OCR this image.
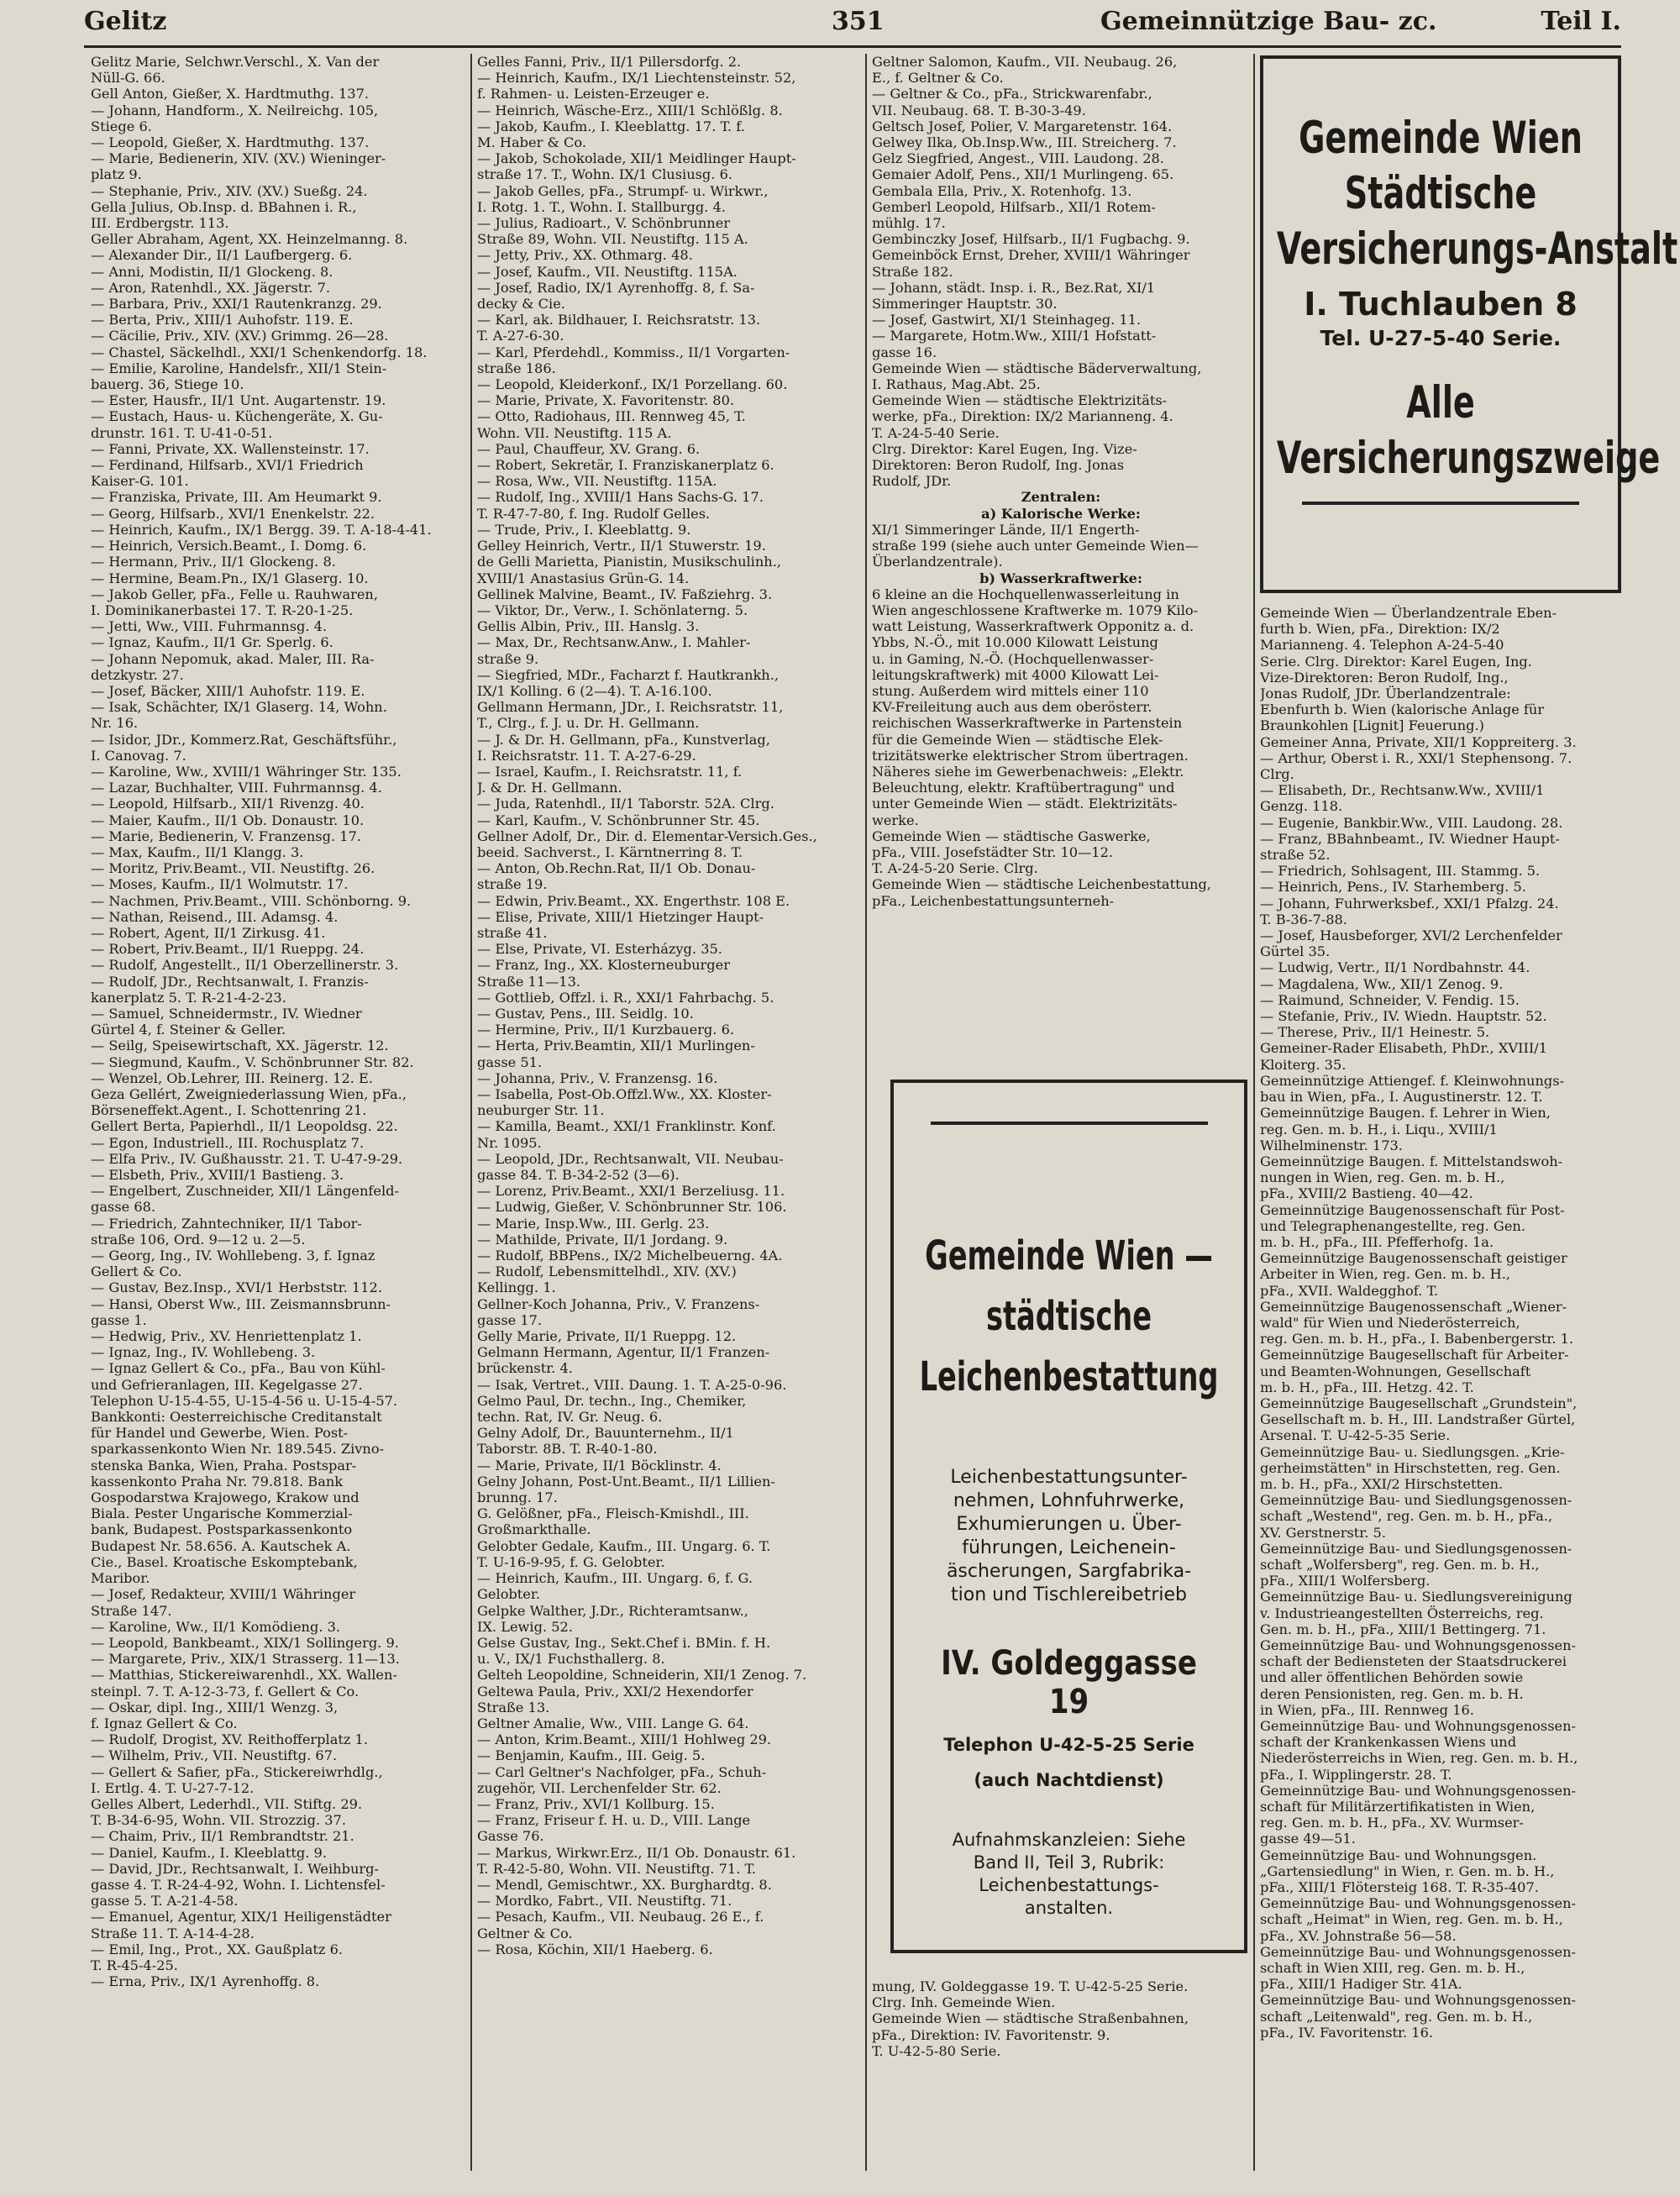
Gelitz	351	Gemeinnützige Bau- zc.	Teil I.
Gelitz Marie, Selchwr.Verschl., X. Van der
Nüll-G. 66.
Gell Anton, Gießer, X. Hardtmuthg. 137.
— Johann, Handform., X. Neilreichg. 105,
Stiege 6.
— Leopold, Gießer, X. Hardtmuthg. 137.
— Marie, Bedienerin, XIV. (XV.) Wieninger-
platz 9.
— Stephanie, Priv., XIV. (XV.) Sueßg. 24.
Gella Julius, Ob.Insp. d. BBahnen i. R.,
III. Erdbergstr. 113.
Geller Abraham, Agent, XX. Heinzelmanng. 8.
— Alexander Dir., II/1 Laufbergerg. 6.
— Anni, Modistin, II/1 Glockeng. 8.
— Aron, Ratenhdl., XX. Jägerstr. 7.
— Barbara, Priv., XXI/1 Rautenkranzg. 29.
— Berta, Priv., XIII/1 Auhofstr. 119. E.
— Cäcilie, Priv., XIV. (XV.) Grimmg. 26—28.
— Chastel, Säckelhdl., XXI/1 Schenkendorfg. 18.
— Emilie, Karoline, Handelsfr., XII/1 Stein-
bauerg. 36, Stiege 10.
— Ester, Hausfr., II/1 Unt. Augartenstr. 19.
— Eustach, Haus- u. Küchengeräte, X. Gu-
drunstr. 161. T. U-41-0-51.
— Fanni, Private, XX. Wallensteinstr. 17.
— Ferdinand, Hilfsarb., XVI/1 Friedrich
Kaiser-G. 101.
— Franziska, Private, III. Am Heumarkt 9.
— Georg, Hilfsarb., XVI/1 Enenkelstr. 22.
— Heinrich, Kaufm., IX/1 Bergg. 39. T. A-18-4-41.
— Heinrich, Versich.Beamt., I. Domg. 6.
— Hermann, Priv., II/1 Glockeng. 8.
— Hermine, Beam.Pn., IX/1 Glaserg. 10.
— Jakob Geller, pFa., Felle u. Rauhwaren,
I. Dominikanerbastei 17. T. R-20-1-25.
— Jetti, Ww., VIII. Fuhrmannsg. 4.
— Ignaz, Kaufm., II/1 Gr. Sperlg. 6.
— Johann Nepomuk, akad. Maler, III. Ra-
detzkystr. 27.
— Josef, Bäcker, XIII/1 Auhofstr. 119. E.
— Isak, Schächter, IX/1 Glaserg. 14, Wohn.
Nr. 16.
— Isidor, JDr., Kommerz.Rat, Geschäftsführ.,
I. Canovag. 7.
— Karoline, Ww., XVIII/1 Währinger Str. 135.
— Lazar, Buchhalter, VIII. Fuhrmannsg. 4.
— Leopold, Hilfsarb., XII/1 Rivenzg. 40.
— Maier, Kaufm., II/1 Ob. Donaustr. 10.
— Marie, Bedienerin, V. Franzensg. 17.
— Max, Kaufm., II/1 Klangg. 3.
— Moritz, Priv.Beamt., VII. Neustiftg. 26.
— Moses, Kaufm., II/1 Wolmutstr. 17.
— Nachmen, Priv.Beamt., VIII. Schönborng. 9.
— Nathan, Reisend., III. Adamsg. 4.
— Robert, Agent, II/1 Zirkusg. 41.
— Robert, Priv.Beamt., II/1 Rueppg. 24.
— Rudolf, Angestellt., II/1 Oberzellinerstr. 3.
— Rudolf, JDr., Rechtsanwalt, I. Franzis-
kanerplatz 5. T. R-21-4-2-23.
— Samuel, Schneidermstr., IV. Wiedner
Gürtel 4, f. Steiner & Geller.
— Seilg, Speisewirtschaft, XX. Jägerstr. 12.
— Siegmund, Kaufm., V. Schönbrunner Str. 82.
— Wenzel, Ob.Lehrer, III. Reinerg. 12. E.
Geza Gellért, Zweigniederlassung Wien, pFa.,
Börseneffekt.Agent., I. Schottenring 21.
Gellert Berta, Papierhdl., II/1 Leopoldsg. 22.
— Egon, Industriell., III. Rochusplatz 7.
— Elfa Priv., IV. Gußhausstr. 21. T. U-47-9-29.
— Elsbeth, Priv., XVIII/1 Bastieng. 3.
— Engelbert, Zuschneider, XII/1 Längenfeld-
gasse 68.
— Friedrich, Zahntechniker, II/1 Tabor-
straße 106, Ord. 9—12 u. 2—5.
— Georg, Ing., IV. Wohllebeng. 3, f. Ignaz
Gellert & Co.
— Gustav, Bez.Insp., XVI/1 Herbststr. 112.
— Hansi, Oberst Ww., III. Zeismannsbrunn-
gasse 1.
— Hedwig, Priv., XV. Henriettenplatz 1.
— Ignaz, Ing., IV. Wohllebeng. 3.
— Ignaz Gellert & Co., pFa., Bau von Kühl-
und Gefrieranlagen, III. Kegelgasse 27.
Telephon U-15-4-55, U-15-4-56 u. U-15-4-57.
Bankkonti: Oesterreichische Creditanstalt
für Handel und Gewerbe, Wien. Post-
sparkassenkonto Wien Nr. 189.545. Zivno-
stenska Banka, Wien, Praha. Postspar-
kassenkonto Praha Nr. 79.818. Bank
Gospodarstwa Krajowego, Krakow und
Biala. Pester Ungarische Kommerzial-
bank, Budapest. Postsparkassenkonto
Budapest Nr. 58.656. A. Kautschek A.
Cie., Basel. Kroatische Eskomptebank,
Maribor.
— Josef, Redakteur, XVIII/1 Währinger
Straße 147.
— Karoline, Ww., II/1 Komödieng. 3.
— Leopold, Bankbeamt., XIX/1 Sollingerg. 9.
— Margarete, Priv., XIX/1 Strasserg. 11—13.
— Matthias, Stickereiwarenhdl., XX. Wallen-
steinpl. 7. T. A-12-3-73, f. Gellert & Co.
— Oskar, dipl. Ing., XIII/1 Wenzg. 3,
f. Ignaz Gellert & Co.
— Rudolf, Drogist, XV. Reithofferplatz 1.
— Wilhelm, Priv., VII. Neustiftg. 67.
— Gellert & Safier, pFa., Stickereiwrhdlg.,
I. Ertlg. 4. T. U-27-7-12.
Gelles Albert, Lederhdl., VII. Stiftg. 29.
T. B-34-6-95, Wohn. VII. Strozzig. 37.
— Chaim, Priv., II/1 Rembrandtstr. 21.
— Daniel, Kaufm., I. Kleeblattg. 9.
— David, JDr., Rechtsanwalt, I. Weihburg-
gasse 4. T. R-24-4-92, Wohn. I. Lichtensfel-
gasse 5. T. A-21-4-58.
— Emanuel, Agentur, XIX/1 Heiligenstädter
Straße 11. T. A-14-4-28.
— Emil, Ing., Prot., XX. Gaußplatz 6.
T. R-45-4-25.
— Erna, Priv., IX/1 Ayrenhoffg. 8.
Gelles Fanni, Priv., II/1 Pillersdorfg. 2.
— Heinrich, Kaufm., IX/1 Liechtensteinstr. 52,
f. Rahmen- u. Leisten-Erzeuger e.
— Heinrich, Wäsche-Erz., XIII/1 Schlößlg. 8.
— Jakob, Kaufm., I. Kleeblattg. 17. T. f.
M. Haber & Co.
— Jakob, Schokolade, XII/1 Meidlinger Haupt-
straße 17. T., Wohn. IX/1 Clusiusg. 6.
— Jakob Gelles, pFa., Strumpf- u. Wirkwr.,
I. Rotg. 1. T., Wohn. I. Stallburgg. 4.
— Julius, Radioart., V. Schönbrunner
Straße 89, Wohn. VII. Neustiftg. 115 A.
— Jetty, Priv., XX. Othmarg. 48.
— Josef, Kaufm., VII. Neustiftg. 115A.
— Josef, Radio, IX/1 Ayrenhoffg. 8, f. Sa-
decky & Cie.
— Karl, ak. Bildhauer, I. Reichsratstr. 13.
T. A-27-6-30.
— Karl, Pferdehdl., Kommiss., II/1 Vorgarten-
straße 186.
— Leopold, Kleiderkonf., IX/1 Porzellang. 60.
— Marie, Private, X. Favoritenstr. 80.
— Otto, Radiohaus, III. Rennweg 45, T.
Wohn. VII. Neustiftg. 115 A.
— Paul, Chauffeur, XV. Grang. 6.
— Robert, Sekretär, I. Franziskanerplatz 6.
— Rosa, Ww., VII. Neustiftg. 115A.
— Rudolf, Ing., XVIII/1 Hans Sachs-G. 17.
T. R-47-7-80, f. Ing. Rudolf Gelles.
— Trude, Priv., I. Kleeblattg. 9.
Gelley Heinrich, Vertr., II/1 Stuwerstr. 19.
de Gelli Marietta, Pianistin, Musikschulinh.,
XVIII/1 Anastasius Grün-G. 14.
Gellinek Malvine, Beamt., IV. Faßziehrg. 3.
— Viktor, Dr., Verw., I. Schönlaterng. 5.
Gellis Albin, Priv., III. Hanslg. 3.
— Max, Dr., Rechtsanw.Anw., I. Mahler-
straße 9.
— Siegfried, MDr., Facharzt f. Hautkrankh.,
IX/1 Kolling. 6 (2—4). T. A-16.100.
Gellmann Hermann, JDr., I. Reichsratstr. 11,
T., Clrg., f. J. u. Dr. H. Gellmann.
— J. & Dr. H. Gellmann, pFa., Kunstverlag,
I. Reichsratstr. 11. T. A-27-6-29.
— Israel, Kaufm., I. Reichsratstr. 11, f.
J. & Dr. H. Gellmann.
— Juda, Ratenhdl., II/1 Taborstr. 52A. Clrg.
— Karl, Kaufm., V. Schönbrunner Str. 45.
Gellner Adolf, Dr., Dir. d. Elementar-Versich.Ges.,
beeid. Sachverst., I. Kärntnerring 8. T.
— Anton, Ob.Rechn.Rat, II/1 Ob. Donau-
straße 19.
— Edwin, Priv.Beamt., XX. Engerthstr. 108 E.
— Elise, Private, XIII/1 Hietzinger Haupt-
straße 41.
— Else, Private, VI. Esterházyg. 35.
— Franz, Ing., XX. Klosterneuburger
Straße 11—13.
— Gottlieb, Offzl. i. R., XXI/1 Fahrbachg. 5.
— Gustav, Pens., III. Seidlg. 10.
— Hermine, Priv., II/1 Kurzbauerg. 6.
— Herta, Priv.Beamtin, XII/1 Murlingen-
gasse 51.
— Johanna, Priv., V. Franzensg. 16.
— Isabella, Post-Ob.Offzl.Ww., XX. Kloster-
neuburger Str. 11.
— Kamilla, Beamt., XXI/1 Franklinstr. Konf.
Nr. 1095.
— Leopold, JDr., Rechtsanwalt, VII. Neubau-
gasse 84. T. B-34-2-52 (3—6).
— Lorenz, Priv.Beamt., XXI/1 Berzeliusg. 11.
— Ludwig, Gießer, V. Schönbrunner Str. 106.
— Marie, Insp.Ww., III. Gerlg. 23.
— Mathilde, Private, II/1 Jordang. 9.
— Rudolf, BBPens., IX/2 Michelbeuerng. 4A.
— Rudolf, Lebensmittelhdl., XIV. (XV.)
Kellingg. 1.
Gellner-Koch Johanna, Priv., V. Franzens-
gasse 17.
Gelly Marie, Private, II/1 Rueppg. 12.
Gelmann Hermann, Agentur, II/1 Franzen-
brückenstr. 4.
— Isak, Vertret., VIII. Daung. 1. T. A-25-0-96.
Gelmo Paul, Dr. techn., Ing., Chemiker,
techn. Rat, IV. Gr. Neug. 6.
Gelny Adolf, Dr., Bauunternehm., II/1
Taborstr. 8B. T. R-40-1-80.
— Marie, Private, II/1 Böcklinstr. 4.
Gelny Johann, Post-Unt.Beamt., II/1 Lillien-
brunng. 17.
G. Gelößner, pFa., Fleisch-Kmishdl., III.
Großmarkthalle.
Gelobter Gedale, Kaufm., III. Ungarg. 6. T.
T. U-16-9-95, f. G. Gelobter.
— Heinrich, Kaufm., III. Ungarg. 6, f. G.
Gelobter.
Gelpke Walther, J.Dr., Richteramtsanw.,
IX. Lewig. 52.
Gelse Gustav, Ing., Sekt.Chef i. BMin. f. H.
u. V., IX/1 Fuchsthallerg. 8.
Gelteh Leopoldine, Schneiderin, XII/1 Zenog. 7.
Geltewa Paula, Priv., XXI/2 Hexendorfer
Straße 13.
Geltner Amalie, Ww., VIII. Lange G. 64.
— Anton, Krim.Beamt., XIII/1 Hohlweg 29.
— Benjamin, Kaufm., III. Geig. 5.
— Carl Geltner's Nachfolger, pFa., Schuh-
zugehör, VII. Lerchenfelder Str. 62.
— Franz, Priv., XVI/1 Kollburg. 15.
— Franz, Friseur f. H. u. D., VIII. Lange
Gasse 76.
— Markus, Wirkwr.Erz., II/1 Ob. Donaustr. 61.
T. R-42-5-80, Wohn. VII. Neustiftg. 71. T.
— Mendl, Gemischtwr., XX. Burghardtg. 8.
— Mordko, Fabrt., VII. Neustiftg. 71.
— Pesach, Kaufm., VII. Neubaug. 26 E., f.
Geltner & Co.
— Rosa, Köchin, XII/1 Haeberg. 6.
Geltner Salomon, Kaufm., VII. Neubaug. 26,
E., f. Geltner & Co.
— Geltner & Co., pFa., Strickwarenfabr.,
VII. Neubaug. 68. T. B-30-3-49.
Geltsch Josef, Polier, V. Margaretenstr. 164.
Gelwey Ilka, Ob.Insp.Ww., III. Streicherg. 7.
Gelz Siegfried, Angest., VIII. Laudong. 28.
Gemaier Adolf, Pens., XII/1 Murlingeng. 65.
Gembala Ella, Priv., X. Rotenhofg. 13.
Gemberl Leopold, Hilfsarb., XII/1 Rotem-
mühlg. 17.
Gembinczky Josef, Hilfsarb., II/1 Fugbachg. 9.
Gemeinböck Ernst, Dreher, XVIII/1 Währinger
Straße 182.
— Johann, städt. Insp. i. R., Bez.Rat, XI/1
Simmeringer Hauptstr. 30.
— Josef, Gastwirt, XI/1 Steinhageg. 11.
— Margarete, Hotm.Ww., XIII/1 Hofstatt-
gasse 16.
Gemeinde Wien — städtische Bäderverwaltung,
I. Rathaus, Mag.Abt. 25.
Gemeinde Wien — städtische Elektrizitäts-
werke, pFa., Direktion: IX/2 Marianneng. 4.
T. A-24-5-40 Serie.
Clrg. Direktor: Karel Eugen, Ing. Vize-
Direktoren: Beron Rudolf, Ing. Jonas
Rudolf, JDr.
Zentralen:
a) Kalorische Werke:
XI/1 Simmeringer Lände, II/1 Engerth-
straße 199 (siehe auch unter Gemeinde Wien—
Überlandzentrale).
b) Wasserkraftwerke:
6 kleine an die Hochquellenwasserleitung in
Wien angeschlossene Kraftwerke m. 1079 Kilo-
watt Leistung, Wasserkraftwerk Opponitz a. d.
Ybbs, N.-Ö., mit 10.000 Kilowatt Leistung
u. in Gaming, N.-Ö. (Hochquellenwasser-
leitungskraftwerk) mit 4000 Kilowatt Lei-
stung. Außerdem wird mittels einer 110
KV-Freileitung auch aus dem oberösterr.
reichischen Wasserkraftwerke in Partenstein
für die Gemeinde Wien — städtische Elek-
trizitätswerke elektrischer Strom übertragen.
Näheres siehe im Gewerbenachweis: „Elektr.
Beleuchtung, elektr. Kraftübertragung" und
unter Gemeinde Wien — städt. Elektrizitäts-
werke.
Gemeinde Wien — städtische Gaswerke,
pFa., VIII. Josefstädter Str. 10—12.
T. A-24-5-20 Serie. Clrg.
Gemeinde Wien — städtische Leichenbestattung,
pFa., Leichenbestattungsunterneh-
mung, IV. Goldeggasse 19. T. U-42-5-25 Serie.
Clrg. Inh. Gemeinde Wien.
Gemeinde Wien — städtische Straßenbahnen,
pFa., Direktion: IV. Favoritenstr. 9.
T. U-42-5-80 Serie.
Gemeinde Wien — Überlandzentrale Eben-
furth b. Wien, pFa., Direktion: IX/2
Marianneng. 4. Telephon A-24-5-40
Serie. Clrg. Direktor: Karel Eugen, Ing.
Vize-Direktoren: Beron Rudolf, Ing.,
Jonas Rudolf, JDr. Überlandzentrale:
Ebenfurth b. Wien (kalorische Anlage für
Braunkohlen [Lignit] Feuerung.)
Gemeiner Anna, Private, XII/1 Koppreiterg. 3.
— Arthur, Oberst i. R., XXI/1 Stephensong. 7.
Clrg.
— Elisabeth, Dr., Rechtsanw.Ww., XVIII/1
Genzg. 118.
— Eugenie, Bankbir.Ww., VIII. Laudong. 28.
— Franz, BBahnbeamt., IV. Wiedner Haupt-
straße 52.
— Friedrich, Sohlsagent, III. Stammg. 5.
— Heinrich, Pens., IV. Starhemberg. 5.
— Johann, Fuhrwerksbef., XXI/1 Pfalzg. 24.
T. B-36-7-88.
— Josef, Hausbeforger, XVI/2 Lerchenfelder
Gürtel 35.
— Ludwig, Vertr., II/1 Nordbahnstr. 44.
— Magdalena, Ww., XII/1 Zenog. 9.
— Raimund, Schneider, V. Fendig. 15.
— Stefanie, Priv., IV. Wiedn. Hauptstr. 52.
— Therese, Priv., II/1 Heinestr. 5.
Gemeiner-Rader Elisabeth, PhDr., XVIII/1
Kloiterg. 35.
Gemeinnützige Attiengef. f. Kleinwohnungs-
bau in Wien, pFa., I. Augustinerstr. 12. T.
Gemeinnützige Baugen. f. Lehrer in Wien,
reg. Gen. m. b. H., i. Liqu., XVIII/1
Wilhelminenstr. 173.
Gemeinnützige Baugen. f. Mittelstandswoh-
nungen in Wien, reg. Gen. m. b. H.,
pFa., XVIII/2 Bastieng. 40—42.
Gemeinnützige Baugenossenschaft für Post-
und Telegraphenangestellte, reg. Gen.
m. b. H., pFa., III. Pfefferhofg. 1a.
Gemeinnützige Baugenossenschaft geistiger
Arbeiter in Wien, reg. Gen. m. b. H.,
pFa., XVII. Waldegghof. T.
Gemeinnützige Baugenossenschaft „Wiener-
wald" für Wien und Niederösterreich,
reg. Gen. m. b. H., pFa., I. Babenbergerstr. 1.
Gemeinnützige Baugesellschaft für Arbeiter-
und Beamten-Wohnungen, Gesellschaft
m. b. H., pFa., III. Hetzg. 42. T.
Gemeinnützige Baugesellschaft „Grundstein",
Gesellschaft m. b. H., III. Landstraßer Gürtel,
Arsenal. T. U-42-5-35 Serie.
Gemeinnützige Bau- u. Siedlungsgen. „Krie-
gerheimstätten" in Hirschstetten, reg. Gen.
m. b. H., pFa., XXI/2 Hirschstetten.
Gemeinnützige Bau- und Siedlungsgenossen-
schaft „Westend", reg. Gen. m. b. H., pFa.,
XV. Gerstnerstr. 5.
Gemeinnützige Bau- und Siedlungsgenossen-
schaft „Wolfersberg", reg. Gen. m. b. H.,
pFa., XIII/1 Wolfersberg.
Gemeinnützige Bau- u. Siedlungsvereinigung
v. Industrieangestellten Österreichs, reg.
Gen. m. b. H., pFa., XIII/1 Bettingerg. 71.
Gemeinnützige Bau- und Wohnungsgenossen-
schaft der Bediensteten der Staatsdruckerei
und aller öffentlichen Behörden sowie
deren Pensionisten, reg. Gen. m. b. H.
in Wien, pFa., III. Rennweg 16.
Gemeinnützige Bau- und Wohnungsgenossen-
schaft der Krankenkassen Wiens und
Niederösterreichs in Wien, reg. Gen. m. b. H.,
pFa., I. Wipplingerstr. 28. T.
Gemeinnützige Bau- und Wohnungsgenossen-
schaft für Militärzertifikatisten in Wien,
reg. Gen. m. b. H., pFa., XV. Wurmser-
gasse 49—51.
Gemeinnützige Bau- und Wohnungsgen.
„Gartensiedlung" in Wien, r. Gen. m. b. H.,
pFa., XIII/1 Flötersteig 168. T. R-35-407.
Gemeinnützige Bau- und Wohnungsgenossen-
schaft „Heimat" in Wien, reg. Gen. m. b. H.,
pFa., XV. Johnstraße 56—58.
Gemeinnützige Bau- und Wohnungsgenossen-
schaft in Wien XIII, reg. Gen. m. b. H.,
pFa., XIII/1 Hadiger Str. 41A.
Gemeinnützige Bau- und Wohnungsgenossen-
schaft „Leitenwald", reg. Gen. m. b. H.,
pFa., IV. Favoritenstr. 16.
Gemeinde Wien
Städtische
Versicherungs-Anstalt
I. Tuchlauben 8
Tel. U-27-5-40 Serie.
Alle
Versicherungszweige
Gemeinde Wien —
städtische
Leichenbestattung
Leichenbestattungsunter-
nehmen, Lohnfuhrwerke,
Exhumierungen u. Über-
führungen, Leichenein-
äscherungen, Sargfabrika-
tion und Tischlereibetrieb
IV. Goldeggasse 19
Telephon U-42-5-25 Serie
(auch Nachtdienst)
Aufnahmskanzleien: Siehe
Band II, Teil 3, Rubrik:
Leichenbestattungs-
anstalten.
